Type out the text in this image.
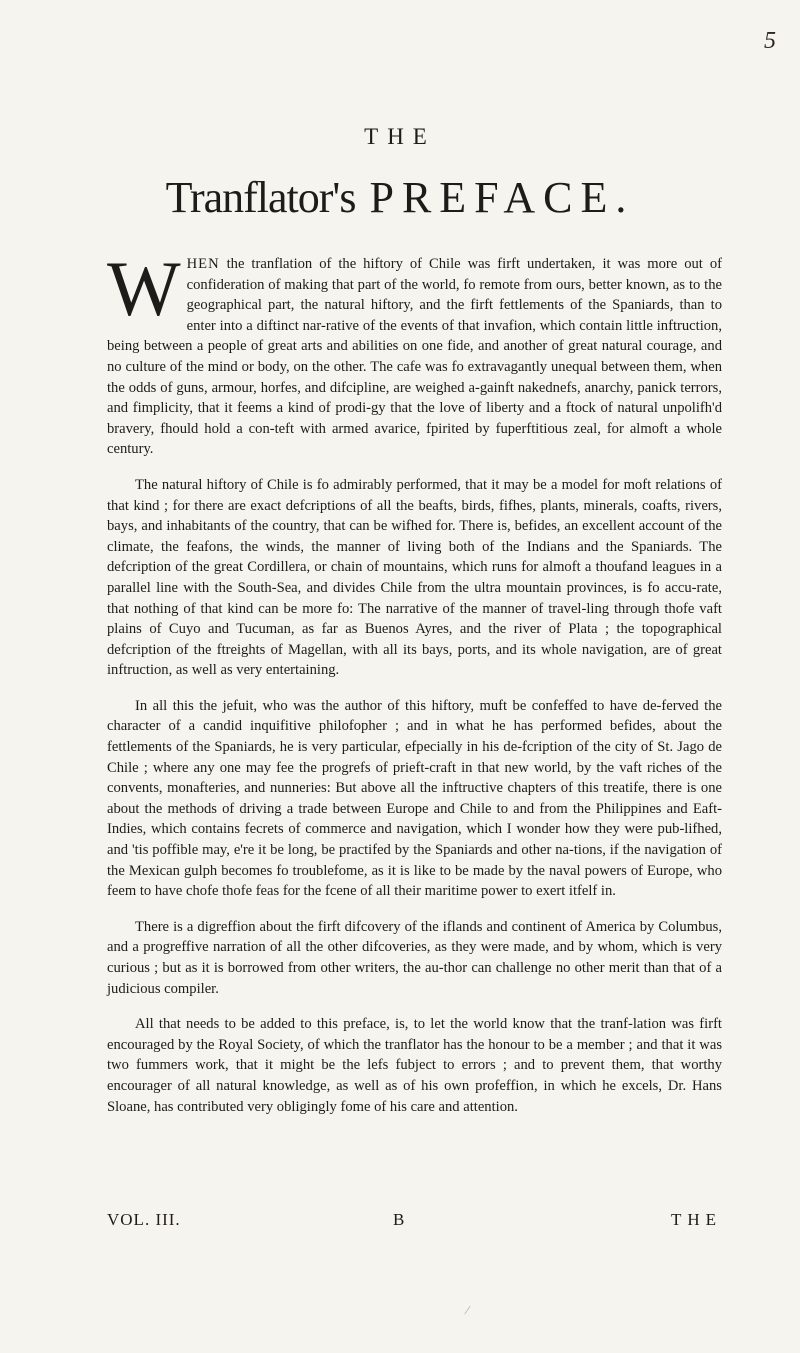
5
THE
Tranflator's PREFACE.

WHEN the tranflation of the hiftory of Chile was firft undertaken, it was more out of confideration of making that part of the world, fo remote from ours, better known, as to the geographical part, the natural hiftory, and the firft fettlements of the Spaniards, than to enter into a diftinct nar-rative of the events of that invafion, which contain little inftruction, being between a people of great arts and abilities on one fide, and another of great natural courage, and no culture of the mind or body, on the other. The cafe was fo extravagantly unequal between them, when the odds of guns, armour, horfes, and difcipline, are weighed a-gainft nakednefs, anarchy, panick terrors, and fimplicity, that it feems a kind of prodi-gy that the love of liberty and a ftock of natural unpolifh'd bravery, fhould hold a con-teft with armed avarice, fpirited by fuperftitious zeal, for almoft a whole century.

The natural hiftory of Chile is fo admirably performed, that it may be a model for moft relations of that kind ; for there are exact defcriptions of all the beafts, birds, fifhes, plants, minerals, coafts, rivers, bays, and inhabitants of the country, that can be wifhed for. There is, befides, an excellent account of the climate, the feafons, the winds, the manner of living both of the Indians and the Spaniards. The defcription of the great Cordillera, or chain of mountains, which runs for almoft a thoufand leagues in a parallel line with the South-Sea, and divides Chile from the ultra mountain provinces, is fo accu-rate, that nothing of that kind can be more fo: The narrative of the manner of travel-ling through thofe vaft plains of Cuyo and Tucuman, as far as Buenos Ayres, and the river of Plata ; the topographical defcription of the ftreights of Magellan, with all its bays, ports, and its whole navigation, are of great inftruction, as well as very entertaining.

In all this the jefuit, who was the author of this hiftory, muft be confeffed to have de-ferved the character of a candid inquifitive philofopher ; and in what he has performed befides, about the fettlements of the Spaniards, he is very particular, efpecially in his de-fcription of the city of St. Jago de Chile ; where any one may fee the progrefs of prieft-craft in that new world, by the vaft riches of the convents, monafteries, and nunneries: But above all the inftructive chapters of this treatife, there is one about the methods of driving a trade between Europe and Chile to and from the Philippines and Eaft-Indies, which contains fecrets of commerce and navigation, which I wonder how they were pub-lifhed, and 'tis poffible may, e're it be long, be practifed by the Spaniards and other na-tions, if the navigation of the Mexican gulph becomes fo troublefome, as it is like to be made by the naval powers of Europe, who feem to have chofe thofe feas for the fcene of all their maritime power to exert itfelf in.

There is a digreffion about the firft difcovery of the iflands and continent of America by Columbus, and a progreffive narration of all the other difcoveries, as they were made, and by whom, which is very curious ; but as it is borrowed from other writers, the au-thor can challenge no other merit than that of a judicious compiler.

All that needs to be added to this preface, is, to let the world know that the tranf-lation was firft encouraged by the Royal Society, of which the tranflator has the honour to be a member ; and that it was two fummers work, that it might be the lefs fubject to errors ; and to prevent them, that worthy encourager of all natural knowledge, as well as of his own profeffion, in which he excels, Dr. Hans Sloane, has contributed very obligingly fome of his care and attention.

VOL. III.	B	THE
